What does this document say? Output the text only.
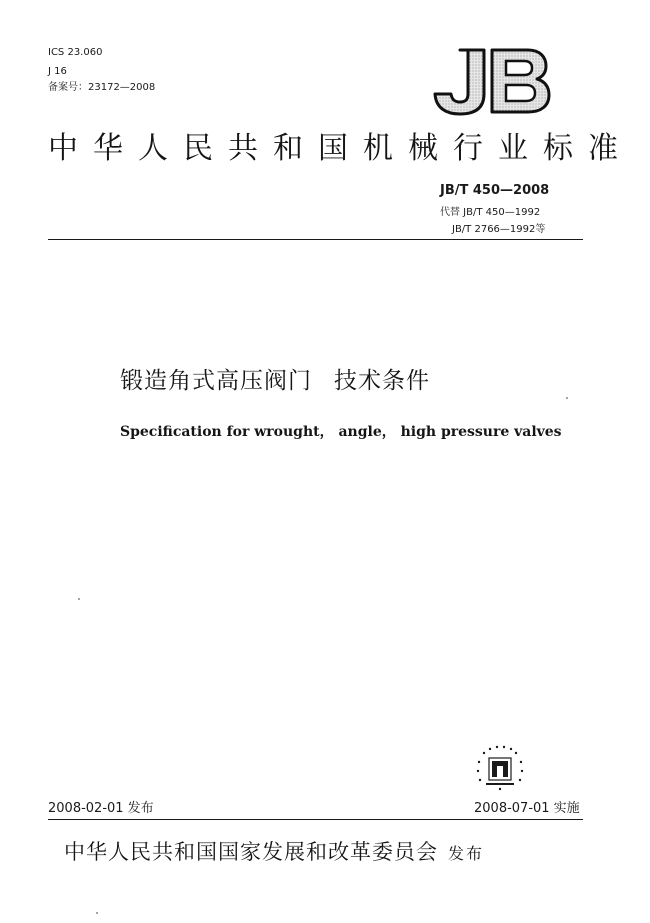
ICS 23.060
J 16
备案号：23172—2008
中华人民共和国机械行业标准
JB/T 450—2008
代替 JB/T 450—1992
JB/T 2766—1992等
锻造角式高压阀门 技术条件
Specification for wrought， angle， high pressure valves
2008-02-01 发布	2008-07-01 实施
中华人民共和国国家发展和改革委员会 发布
